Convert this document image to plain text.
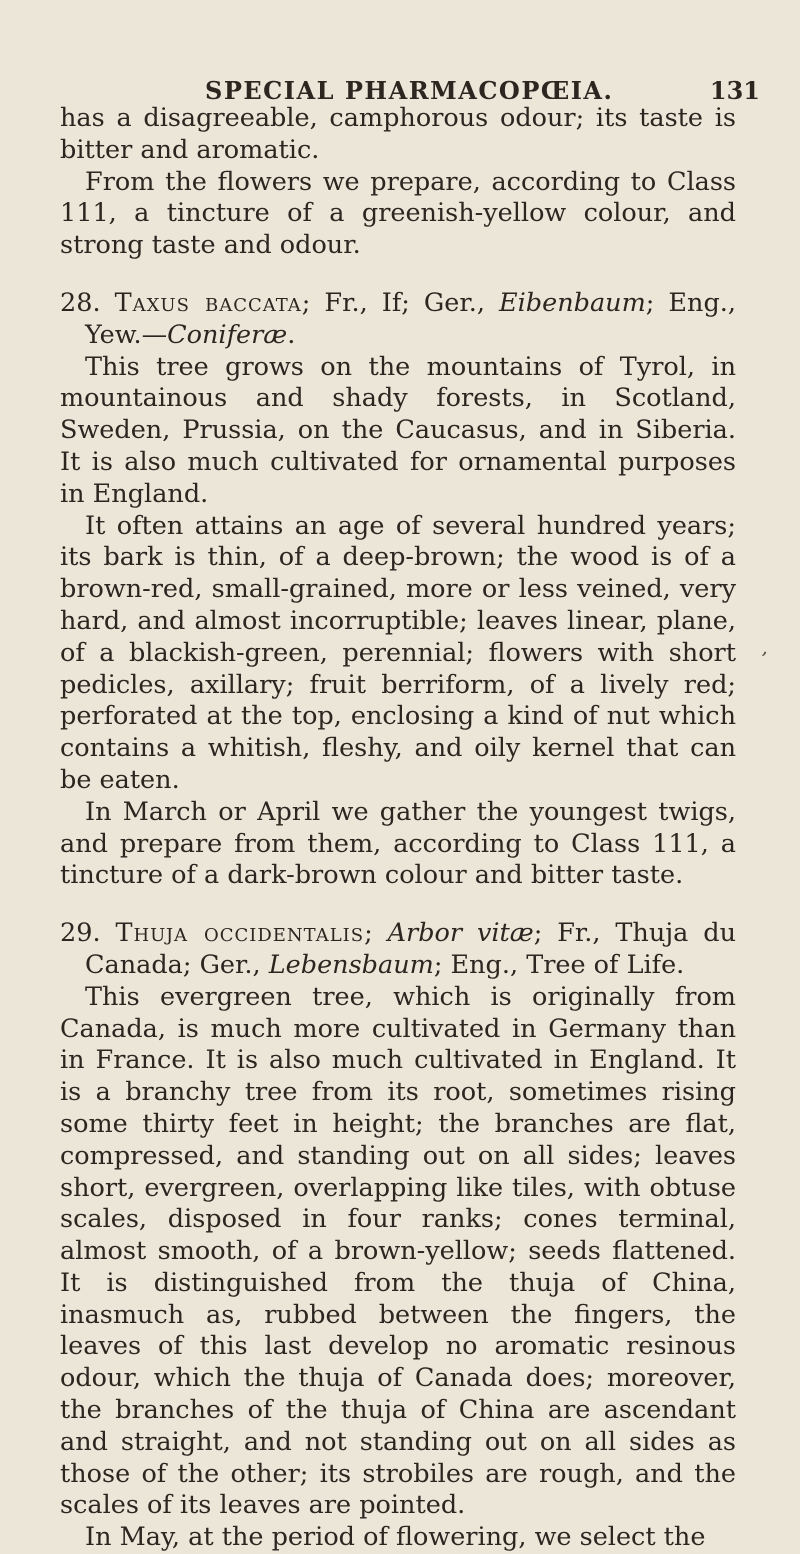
SPECIAL PHARMACOPŒIA.	131

has a disagreeable, camphorous odour; its taste is bitter and aromatic.

From the flowers we prepare, according to Class 111, a tincture of a greenish-yellow colour, and strong taste and odour.

28. Taxus baccata; Fr., If; Ger., Eibenbaum; Eng., Yew.—Coniferæ.

This tree grows on the mountains of Tyrol, in mountainous and shady forests, in Scotland, Sweden, Prussia, on the Caucasus, and in Siberia. It is also much cultivated for ornamental purposes in England.

It often attains an age of several hundred years; its bark is thin, of a deep-brown; the wood is of a brown-red, small-grained, more or less veined, very hard, and almost incorruptible; leaves linear, plane, of a blackish-green, perennial; flowers with short pedicles, axillary; fruit berriform, of a lively red; perforated at the top, enclosing a kind of nut which contains a whitish, fleshy, and oily kernel that can be eaten.

In March or April we gather the youngest twigs, and prepare from them, according to Class 111, a tincture of a dark-brown colour and bitter taste.

29. Thuja occidentalis; Arbor vitæ; Fr., Thuja du Canada; Ger., Lebensbaum; Eng., Tree of Life.

This evergreen tree, which is originally from Canada, is much more cultivated in Germany than in France. It is also much cultivated in England. It is a branchy tree from its root, sometimes rising some thirty feet in height; the branches are flat, compressed, and standing out on all sides; leaves short, evergreen, overlapping like tiles, with obtuse scales, disposed in four ranks; cones terminal, almost smooth, of a brown-yellow; seeds flattened. It is distinguished from the thuja of China, inasmuch as, rubbed between the fingers, the leaves of this last develop no aromatic resinous odour, which the thuja of Canada does; moreover, the branches of the thuja of China are ascendant and straight, and not standing out on all sides as those of the other; its strobiles are rough, and the scales of its leaves are pointed.

In May, at the period of flowering, we select the

ʼ
